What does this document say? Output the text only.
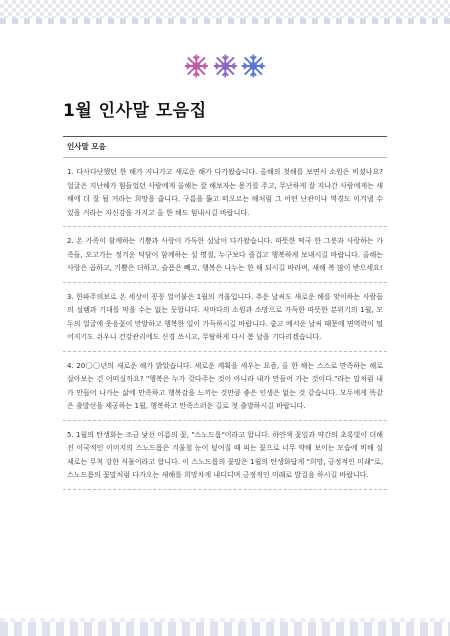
1월 인사말 모음집
인사말 모음
1. 다사다난했던 한 해가 지나가고 새로운 해가 다가왔습니다. 올해의 첫해를 보면서 소원은 비셨나요? 얼굴은 지난해가 힘들었던 사람에게 올해는 잘 해보자는 용기를 주고, 무난하게 잘 지나간 사람에게는 새해에 더 잘 될 거라는 희망을 줍니다. 구름을 뚫고 떠오르는 해처럼 그 어떤 난관이나 역경도 이겨낼 수 있을 거라는 자신감을 가지고 올 한 해도 힘내시길 바랍니다.
2. 온 가족이 함께하는 기쁨과 사랑이 가득한 설날이 다가왔습니다. 따뜻한 떡국 한 그릇과 사랑하는 가족들, 오고가는 정겨운 덕담이 함께하는 설 명절, 누구보다 즐겁고 행복하게 보내시길 바랍니다. 올해는 사랑은 곱하고, 기쁨은 더하고, 슬픔은 빼고, 행복은 나누는 한 해 되시길 바라며, 새해 복 많이 받으세요!
3. 한파주의보로 온 세상이 꽁꽁 얼어붙은 1월의 겨울입니다. 추운 날씨도 새로운 해를 맞이하는 사람들의 설렘과 기대를 막을 수는 없는 듯합니다. 저마다의 소원과 소망으로 가득한 따뜻한 분위기의 1월, 모두의 얼굴에 웃음꽃이 만발하고 행복한 일이 가득하시길 바랍니다. 춥고 메서운 날씨 때문에 면역력이 떨어지기도 쉬우니 건강관리에도 신경 쓰시고, 무탈하게 다시 봄 날을 기다리겠습니다.
4. 20〇〇년의 새로운 해가 밝았습니다. 새로운 계획을 세우는 요즘, 올 한 해는 스스로 만족하는 해로 살아보는 건 어떠실까요? "행복은 누가 갖다주는 것이 아니라 내가 만들어 가는 것이다."라는 말처럼 내가 만들어 나가는 삶에 만족하고 행복감을 느끼는 것만큼 좋은 인생은 없는 것 같습니다. 모두에게 똑같은 출발선을 제공하는 1월, 행복하고 만족스러운 길로 첫 출발하시길 바랍니다.
5. 1월의 탄생화는 조금 낯선 이름의 꽃, "스노드롭"이라고 합니다. 하얀색 꽃잎과 약간의 초록빛이 더해진 이국적인 이미지의 스노드롭은 겨울철 눈이 덮여질 때 피는 꽃으로 너무 약해 보이는 모습에 비해 실제로는 무척 강한 식물이라고 합니다. 이 스노드롭의 꽃말은 1월의 탄생화답게 "희망, 긍정적인 미래"로, 스노드롭의 꽃말처럼 다가오는 새해를 희망차게 내디디며 긍정적인 미래로 발걸음 하시길 바랍니다.
